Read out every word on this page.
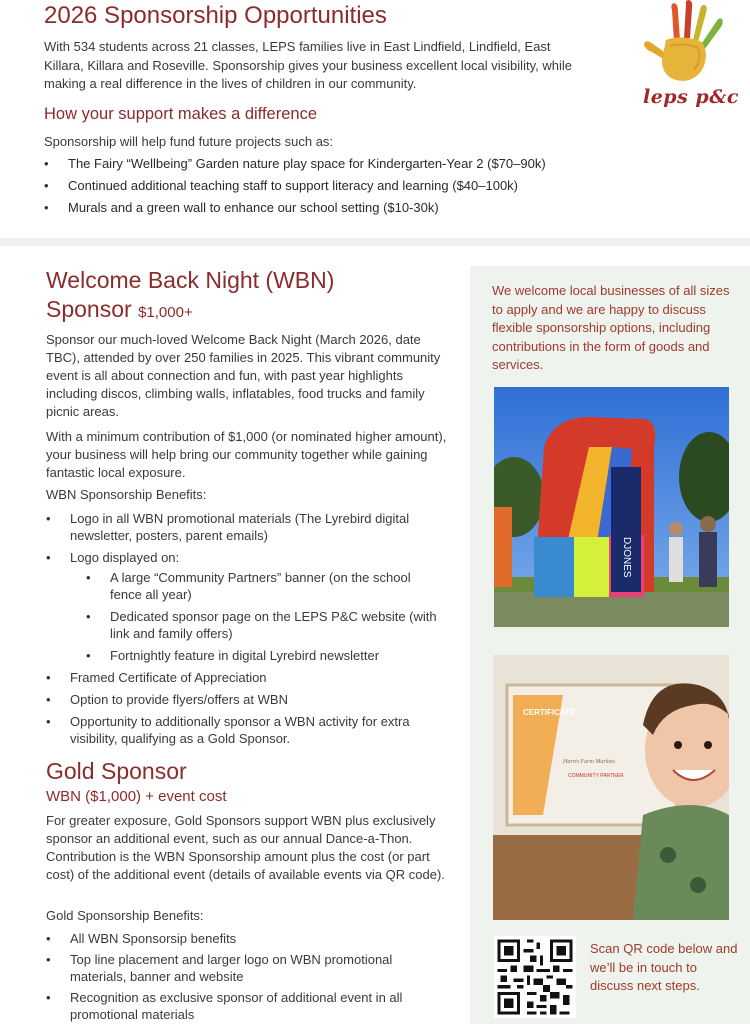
2026 Sponsorship Opportunities

With 534 students across 21 classes, LEPS families live in East Lindfield, Lindfield, East Killara, Killara and Roseville. Sponsorship gives your business excellent local visibility, while making a real difference in the lives of children in our community.

How your support makes a difference

Sponsorship will help fund future projects such as:

• The Fairy “Wellbeing” Garden nature play space for Kindergarten-Year 2 ($70–90k)
• Continued additional teaching staff to support literacy and learning ($40–100k)
• Murals and a green wall to enhance our school setting ($10-30k)
leps p&c
Welcome Back Night (WBN)
Sponsor $1,000+

Sponsor our much-loved Welcome Back Night (March 2026, date TBC), attended by over 250 families in 2025. This vibrant community event is all about connection and fun, with past year highlights including discos, climbing walls, inflatables, food trucks and family picnic areas.

With a minimum contribution of $1,000 (or nominated higher amount), your business will help bring our community together while gaining fantastic local exposure.

WBN Sponsorship Benefits:

• Logo in all WBN promotional materials (The Lyrebird digital newsletter, posters, parent emails)
• Logo displayed on:
• A large “Community Partners” banner (on the school fence all year)
• Dedicated sponsor page on the LEPS P&C website (with link and family offers)
• Fortnightly feature in digital Lyrebird newsletter
• Framed Certificate of Appreciation
• Option to provide flyers/offers at WBN
• Opportunity to additionally sponsor a WBN activity for extra visibility, qualifying as a Gold Sponsor.
Gold Sponsor

WBN ($1,000) + event cost

For greater exposure, Gold Sponsors support WBN plus exclusively sponsor an additional event, such as our annual Dance-a-Thon. Contribution is the WBN Sponsorship amount plus the cost (or part cost) of the additional event (details of available events via QR code).

Gold Sponsorship Benefits:

• All WBN Sponsorsip benefits
• Top line placement and larger logo on WBN promotional materials, banner and website
• Recognition as exclusive sponsor of additional event in all promotional materials

We welcome local businesses of all sizes to apply and we are happy to discuss flexible sponsorship options, including contributions in the form of goods and services.

DJONES
CERTIFICATE
Harris Farm Markets
COMMUNITY PARTNER

Scan QR code below and we’ll be in touch to discuss next steps.
